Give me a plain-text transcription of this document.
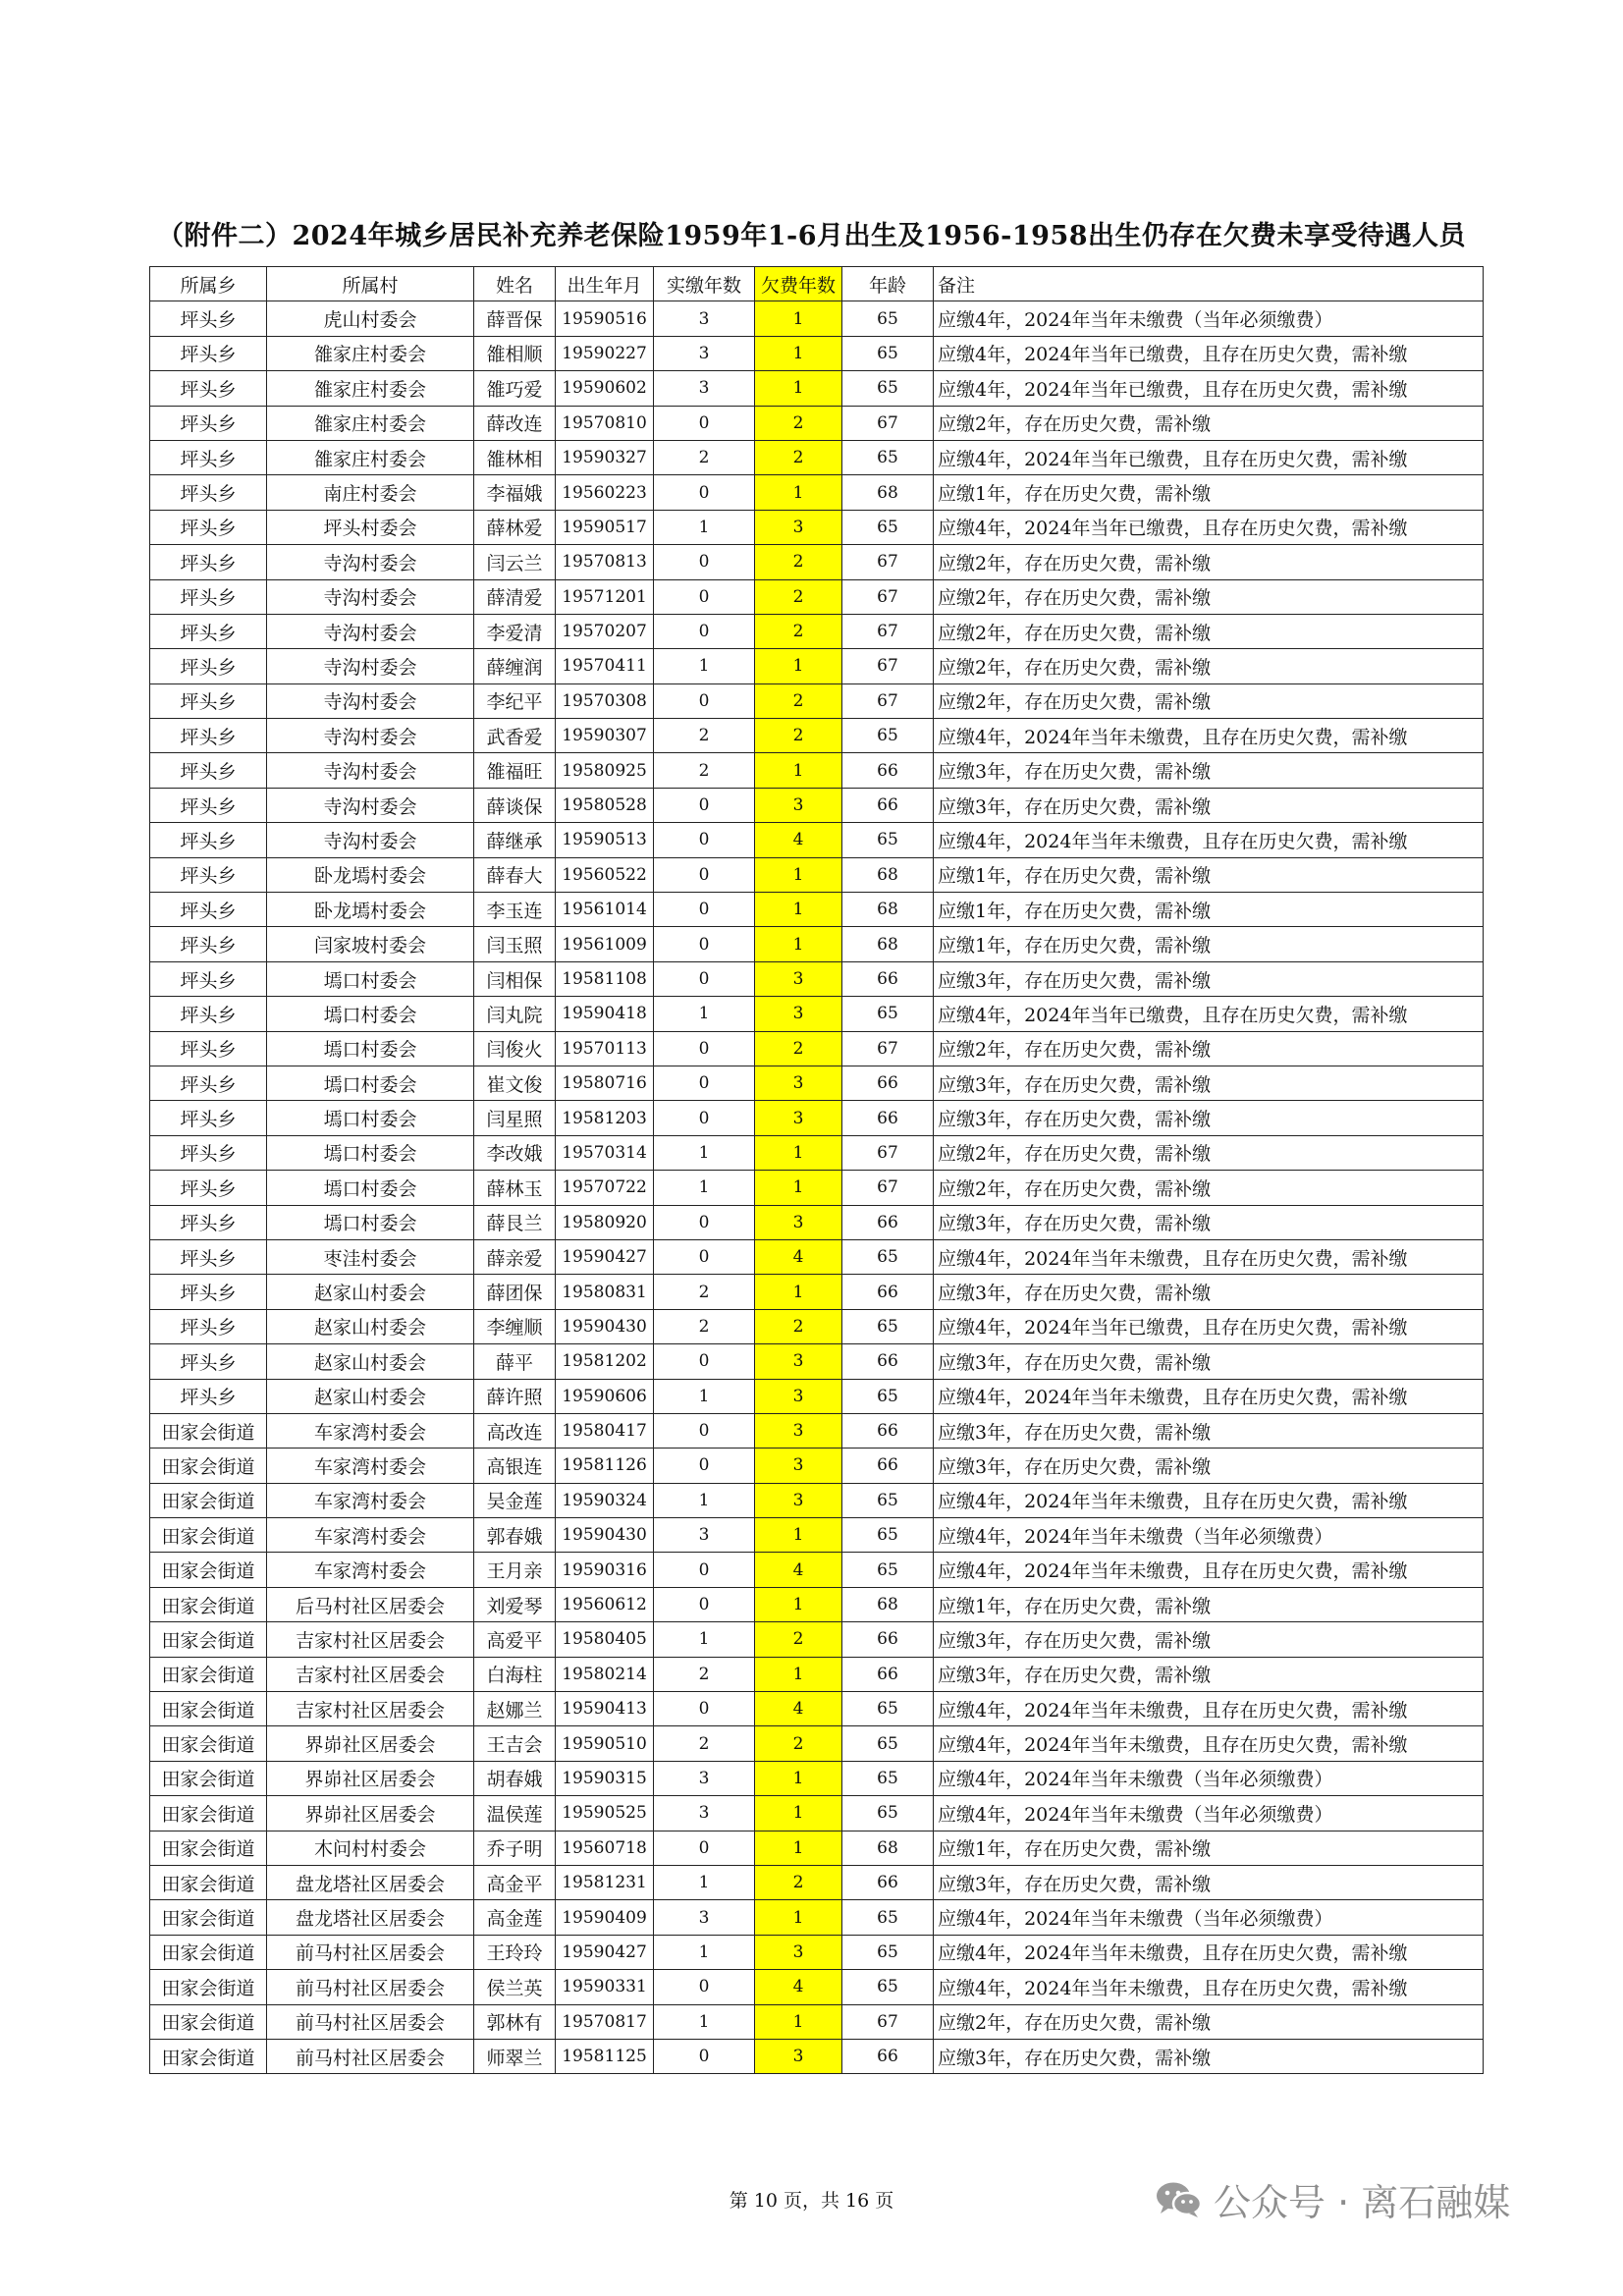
（附件二）2024年城乡居民补充养老保险1959年1-6月出生及1956-1958出生仍存在欠费未享受待遇人员
所属乡	所属村	姓名	出生年月	实缴年数	欠费年数	年龄	备注
坪头乡	虎山村委会	薛晋保	19590516	3	1	65	应缴4年，2024年当年未缴费（当年必须缴费）
坪头乡	雒家庄村委会	雒相顺	19590227	3	1	65	应缴4年，2024年当年已缴费，且存在历史欠费，需补缴
坪头乡	雒家庄村委会	雒巧爱	19590602	3	1	65	应缴4年，2024年当年已缴费，且存在历史欠费，需补缴
坪头乡	雒家庄村委会	薛改连	19570810	0	2	67	应缴2年，存在历史欠费，需补缴
坪头乡	雒家庄村委会	雒林相	19590327	2	2	65	应缴4年，2024年当年已缴费，且存在历史欠费，需补缴
坪头乡	南庄村委会	李福娥	19560223	0	1	68	应缴1年，存在历史欠费，需补缴
坪头乡	坪头村委会	薛林爱	19590517	1	3	65	应缴4年，2024年当年已缴费，且存在历史欠费，需补缴
坪头乡	寺沟村委会	闫云兰	19570813	0	2	67	应缴2年，存在历史欠费，需补缴
坪头乡	寺沟村委会	薛清爱	19571201	0	2	67	应缴2年，存在历史欠费，需补缴
坪头乡	寺沟村委会	李爱清	19570207	0	2	67	应缴2年，存在历史欠费，需补缴
坪头乡	寺沟村委会	薛缠润	19570411	1	1	67	应缴2年，存在历史欠费，需补缴
坪头乡	寺沟村委会	李纪平	19570308	0	2	67	应缴2年，存在历史欠费，需补缴
坪头乡	寺沟村委会	武香爱	19590307	2	2	65	应缴4年，2024年当年未缴费，且存在历史欠费，需补缴
坪头乡	寺沟村委会	雒福旺	19580925	2	1	66	应缴3年，存在历史欠费，需补缴
坪头乡	寺沟村委会	薛谈保	19580528	0	3	66	应缴3年，存在历史欠费，需补缴
坪头乡	寺沟村委会	薛继承	19590513	0	4	65	应缴4年，2024年当年未缴费，且存在历史欠费，需补缴
坪头乡	卧龙墕村委会	薛春大	19560522	0	1	68	应缴1年，存在历史欠费，需补缴
坪头乡	卧龙墕村委会	李玉连	19561014	0	1	68	应缴1年，存在历史欠费，需补缴
坪头乡	闫家坡村委会	闫玉照	19561009	0	1	68	应缴1年，存在历史欠费，需补缴
坪头乡	墕口村委会	闫相保	19581108	0	3	66	应缴3年，存在历史欠费，需补缴
坪头乡	墕口村委会	闫丸院	19590418	1	3	65	应缴4年，2024年当年已缴费，且存在历史欠费，需补缴
坪头乡	墕口村委会	闫俊火	19570113	0	2	67	应缴2年，存在历史欠费，需补缴
坪头乡	墕口村委会	崔文俊	19580716	0	3	66	应缴3年，存在历史欠费，需补缴
坪头乡	墕口村委会	闫星照	19581203	0	3	66	应缴3年，存在历史欠费，需补缴
坪头乡	墕口村委会	李改娥	19570314	1	1	67	应缴2年，存在历史欠费，需补缴
坪头乡	墕口村委会	薛林玉	19570722	1	1	67	应缴2年，存在历史欠费，需补缴
坪头乡	墕口村委会	薛艮兰	19580920	0	3	66	应缴3年，存在历史欠费，需补缴
坪头乡	枣洼村委会	薛亲爱	19590427	0	4	65	应缴4年，2024年当年未缴费，且存在历史欠费，需补缴
坪头乡	赵家山村委会	薛团保	19580831	2	1	66	应缴3年，存在历史欠费，需补缴
坪头乡	赵家山村委会	李缠顺	19590430	2	2	65	应缴4年，2024年当年已缴费，且存在历史欠费，需补缴
坪头乡	赵家山村委会	薛平	19581202	0	3	66	应缴3年，存在历史欠费，需补缴
坪头乡	赵家山村委会	薛许照	19590606	1	3	65	应缴4年，2024年当年未缴费，且存在历史欠费，需补缴
田家会街道	车家湾村委会	高改连	19580417	0	3	66	应缴3年，存在历史欠费，需补缴
田家会街道	车家湾村委会	高银连	19581126	0	3	66	应缴3年，存在历史欠费，需补缴
田家会街道	车家湾村委会	吴金莲	19590324	1	3	65	应缴4年，2024年当年未缴费，且存在历史欠费，需补缴
田家会街道	车家湾村委会	郭春娥	19590430	3	1	65	应缴4年，2024年当年未缴费（当年必须缴费）
田家会街道	车家湾村委会	王月亲	19590316	0	4	65	应缴4年，2024年当年未缴费，且存在历史欠费，需补缴
田家会街道	后马村社区居委会	刘爱琴	19560612	0	1	68	应缴1年，存在历史欠费，需补缴
田家会街道	吉家村社区居委会	高爱平	19580405	1	2	66	应缴3年，存在历史欠费，需补缴
田家会街道	吉家村社区居委会	白海柱	19580214	2	1	66	应缴3年，存在历史欠费，需补缴
田家会街道	吉家村社区居委会	赵娜兰	19590413	0	4	65	应缴4年，2024年当年未缴费，且存在历史欠费，需补缴
田家会街道	界峁社区居委会	王吉会	19590510	2	2	65	应缴4年，2024年当年未缴费，且存在历史欠费，需补缴
田家会街道	界峁社区居委会	胡春娥	19590315	3	1	65	应缴4年，2024年当年未缴费（当年必须缴费）
田家会街道	界峁社区居委会	温侯莲	19590525	3	1	65	应缴4年，2024年当年未缴费（当年必须缴费）
田家会街道	木问村村委会	乔子明	19560718	0	1	68	应缴1年，存在历史欠费，需补缴
田家会街道	盘龙塔社区居委会	高金平	19581231	1	2	66	应缴3年，存在历史欠费，需补缴
田家会街道	盘龙塔社区居委会	高金莲	19590409	3	1	65	应缴4年，2024年当年未缴费（当年必须缴费）
田家会街道	前马村社区居委会	王玲玲	19590427	1	3	65	应缴4年，2024年当年未缴费，且存在历史欠费，需补缴
田家会街道	前马村社区居委会	侯兰英	19590331	0	4	65	应缴4年，2024年当年未缴费，且存在历史欠费，需补缴
田家会街道	前马村社区居委会	郭林有	19570817	1	1	67	应缴2年，存在历史欠费，需补缴
田家会街道	前马村社区居委会	师翠兰	19581125	0	3	66	应缴3年，存在历史欠费，需补缴
第 10 页，共 16 页	公众号 · 离石融媒
